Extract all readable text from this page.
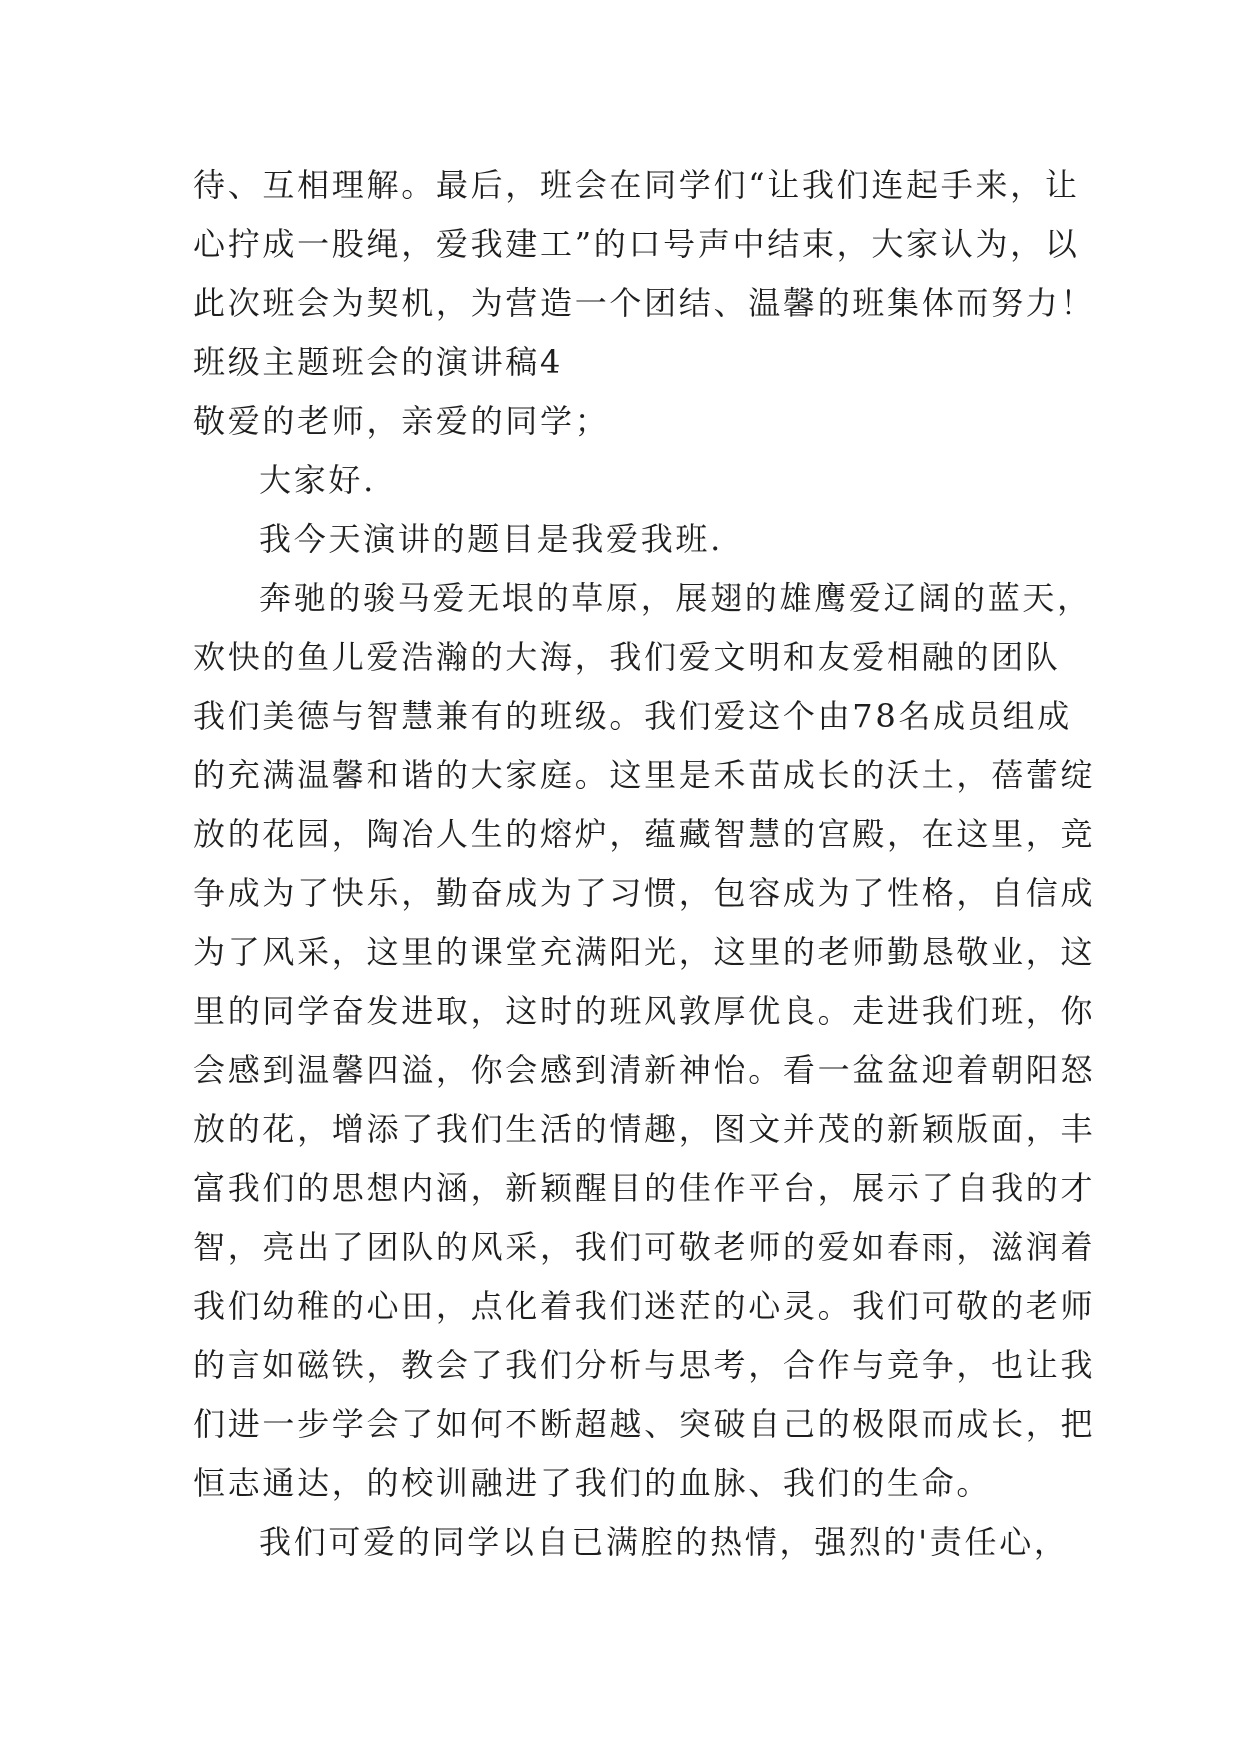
待、互相理解。最后，班会在同学们“让我们连起手来，让
心拧成一股绳，爱我建工”的口号声中结束，大家认为，以
此次班会为契机，为营造一个团结、温馨的班集体而努力！
班级主题班会的演讲稿4
敬爱的老师，亲爱的同学；
大家好.
我今天演讲的题目是我爱我班.
奔驰的骏马爱无垠的草原，展翅的雄鹰爱辽阔的蓝天，
欢快的鱼儿爱浩瀚的大海，我们爱文明和友爱相融的团队
我们美德与智慧兼有的班级。我们爱这个由78名成员组成
的充满温馨和谐的大家庭。这里是禾苗成长的沃土，蓓蕾绽
放的花园，陶冶人生的熔炉，蕴藏智慧的宫殿，在这里，竞
争成为了快乐，勤奋成为了习惯，包容成为了性格，自信成
为了风采，这里的课堂充满阳光，这里的老师勤恳敬业，这
里的同学奋发进取，这时的班风敦厚优良。走进我们班，你
会感到温馨四溢，你会感到清新神怡。看一盆盆迎着朝阳怒
放的花，增添了我们生活的情趣，图文并茂的新颖版面，丰
富我们的思想内涵，新颖醒目的佳作平台，展示了自我的才
智，亮出了团队的风采，我们可敬老师的爱如春雨，滋润着
我们幼稚的心田，点化着我们迷茫的心灵。我们可敬的老师
的言如磁铁，教会了我们分析与思考，合作与竞争，也让我
们进一步学会了如何不断超越、突破自己的极限而成长，把
恒志通达，的校训融进了我们的血脉、我们的生命。
我们可爱的同学以自已满腔的热情，强烈的'责任心，
